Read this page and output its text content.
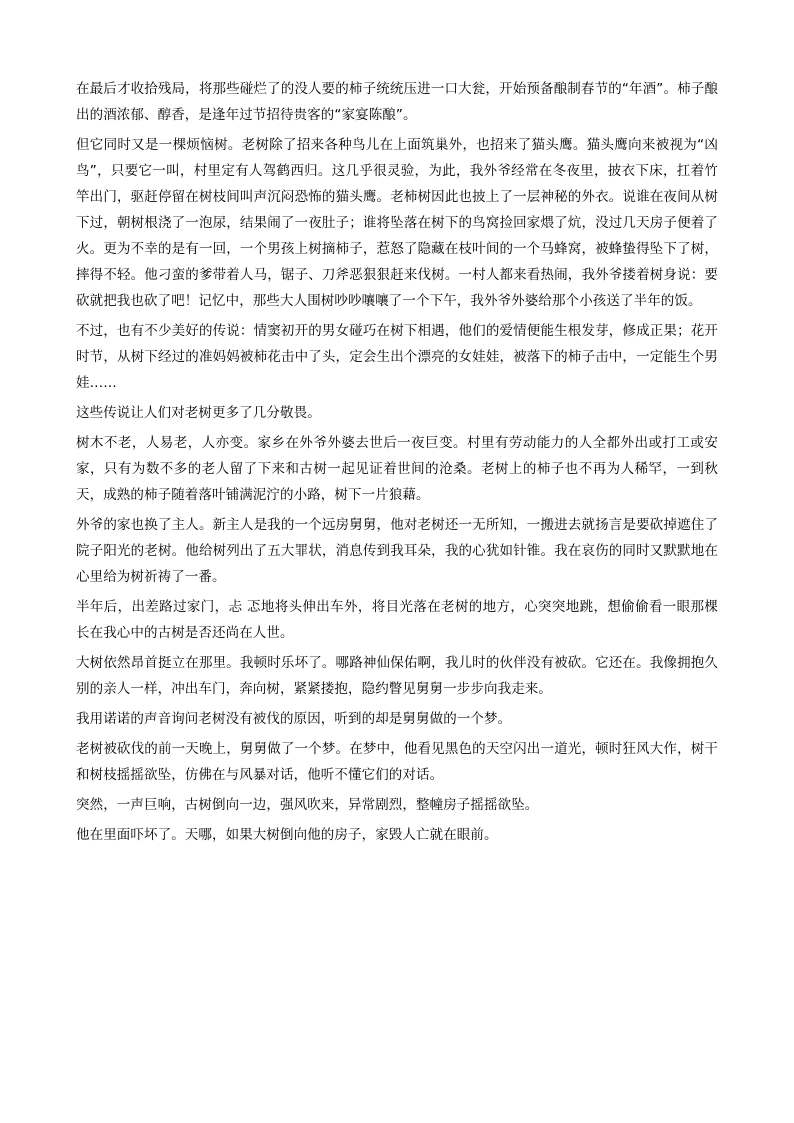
在最后才收拾残局，将那些碰烂了的没人要的柿子统统压进一口大瓮，开始预备酿制春节的“年酒”。柿子酿出的酒浓郁、醇香，是逢年过节招待贵客的“家宴陈酿”。

但它同时又是一棵烦恼树。老树除了招来各种鸟儿在上面筑巢外，也招来了猫头鹰。猫头鹰向来被视为“凶鸟”，只要它一叫，村里定有人驾鹤西归。这几乎很灵验，为此，我外爷经常在冬夜里，披衣下床，扛着竹竿出门，驱赶停留在树枝间叫声沉闷恐怖的猫头鹰。老柿树因此也披上了一层神秘的外衣。说谁在夜间从树下过，朝树根浇了一泡尿，结果闹了一夜肚子；谁将坠落在树下的鸟窝捡回家煨了炕，没过几天房子便着了火。更为不幸的是有一回，一个男孩上树摘柿子，惹怒了隐藏在枝叶间的一个马蜂窝，被蜂蛰得坠下了树，摔得不轻。他刁蛮的爹带着人马，锯子、刀斧恶狠狠赶来伐树。一村人都来看热闹，我外爷搂着树身说：要砍就把我也砍了吧！记忆中，那些大人围树吵吵嚷嚷了一个下午，我外爷外婆给那个小孩送了半年的饭。

不过，也有不少美好的传说：情窦初开的男女碰巧在树下相遇，他们的爱情便能生根发芽，修成正果；花开时节，从树下经过的准妈妈被柿花击中了头，定会生出个漂亮的女娃娃，被落下的柿子击中，一定能生个男娃……

这些传说让人们对老树更多了几分敬畏。

树木不老，人易老，人亦变。家乡在外爷外婆去世后一夜巨变。村里有劳动能力的人全都外出或打工或安家，只有为数不多的老人留了下来和古树一起见证着世间的沧桑。老树上的柿子也不再为人稀罕，一到秋天，成熟的柿子随着落叶铺满泥泞的小路，树下一片狼藉。

外爷的家也换了主人。新主人是我的一个远房舅舅，他对老树还一无所知，一搬进去就扬言是要砍掉遮住了院子阳光的老树。他给树列出了五大罪状，消息传到我耳朵，我的心犹如针锥。我在哀伤的同时又默默地在心里给为树祈祷了一番。

半年后，出差路过家门，忐 忑地将头伸出车外，将目光落在老树的地方，心突突地跳，想偷偷看一眼那棵长在我心中的古树是否还尚在人世。

大树依然昂首挺立在那里。我顿时乐坏了。哪路神仙保佑啊，我儿时的伙伴没有被砍。它还在。我像拥抱久别的亲人一样，冲出车门，奔向树，紧紧搂抱，隐约瞥见舅舅一步步向我走来。

我用诺诺的声音询问老树没有被伐的原因，听到的却是舅舅做的一个梦。

老树被砍伐的前一天晚上，舅舅做了一个梦。在梦中，他看见黑色的天空闪出一道光，顿时狂风大作，树干和树枝摇摇欲坠，仿佛在与风暴对话，他听不懂它们的对话。

突然，一声巨响，古树倒向一边，强风吹来，异常剧烈，整幢房子摇摇欲坠。

他在里面吓坏了。天哪，如果大树倒向他的房子，家毁人亡就在眼前。
